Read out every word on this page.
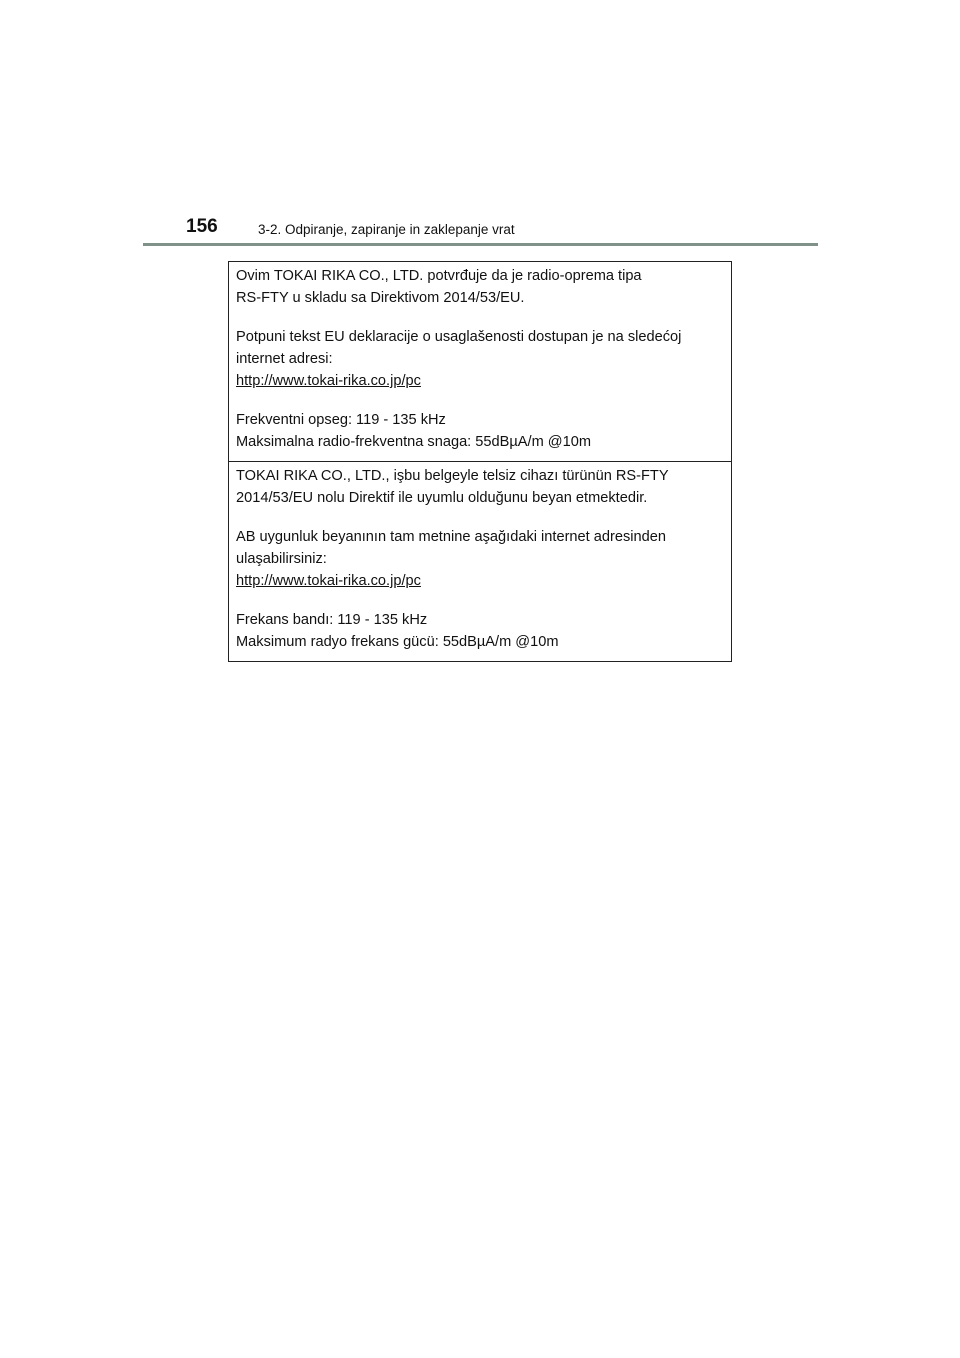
156	3-2. Odpiranje, zapiranje in zaklepanje vrat

Ovim TOKAI RIKA CO., LTD. potvrđuje da je radio-oprema tipa

RS-FTY u skladu sa Direktivom 2014/53/EU.

Potpuni tekst EU deklaracije o usaglašenosti dostupan je na sledećoj

internet adresi:

http://www.tokai-rika.co.jp/pc

Frekventni opseg: 119 - 135 kHz

Maksimalna radio-frekventna snaga: 55dBµA/m @10m

TOKAI RIKA CO., LTD., işbu belgeyle telsiz cihazı türünün RS-FTY

2014/53/EU nolu Direktif ile uyumlu olduğunu beyan etmektedir.

AB uygunluk beyanının tam metnine aşağıdaki internet adresinden

ulaşabilirsiniz:

http://www.tokai-rika.co.jp/pc

Frekans bandı: 119 - 135 kHz

Maksimum radyo frekans gücü: 55dBµA/m @10m
